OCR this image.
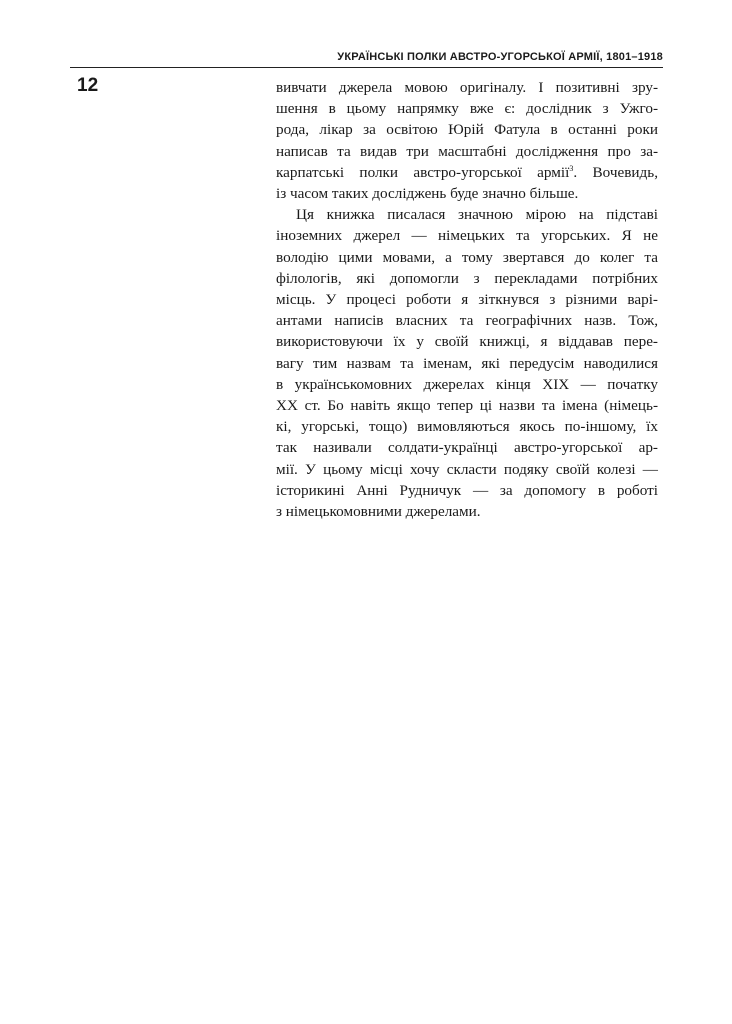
УКРАЇНСЬКІ ПОЛКИ АВСТРО-УГОРСЬКОЇ АРМІЇ, 1801–1918
12	вивчати джерела мовою оригіналу. І позитивні зру-
шення в цьому напрямку вже є: дослідник з Ужго-
рода, лікар за освітою Юрій Фатула в останні роки
написав та видав три масштабні дослідження про за-
карпатські полки австро-угорської армії$^3$. Вочевидь,
із часом таких досліджень буде значно більше.
Ця книжка писалася значною мірою на підставі
іноземних джерел — німецьких та угорських. Я не
володію цими мовами, а тому звертався до колег та
філологів, які допомогли з перекладами потрібних
місць. У процесі роботи я зіткнувся з різними варі-
антами написів власних та географічних назв. Тож,
використовуючи їх у своїй книжці, я віддавав пере-
вагу тим назвам та іменам, які передусім наводилися
в українськомовних джерелах кінця XIX — початку
XX ст. Бо навіть якщо тепер ці назви та імена (німець-
кі, угорські, тощо) вимовляються якось по-іншому, їх
так називали солдати-українці австро-угорської ар-
мії. У цьому місці хочу скласти подяку своїй колезі —
історикині Анні Рудничук — за допомогу в роботі
з німецькомовними джерелами.
